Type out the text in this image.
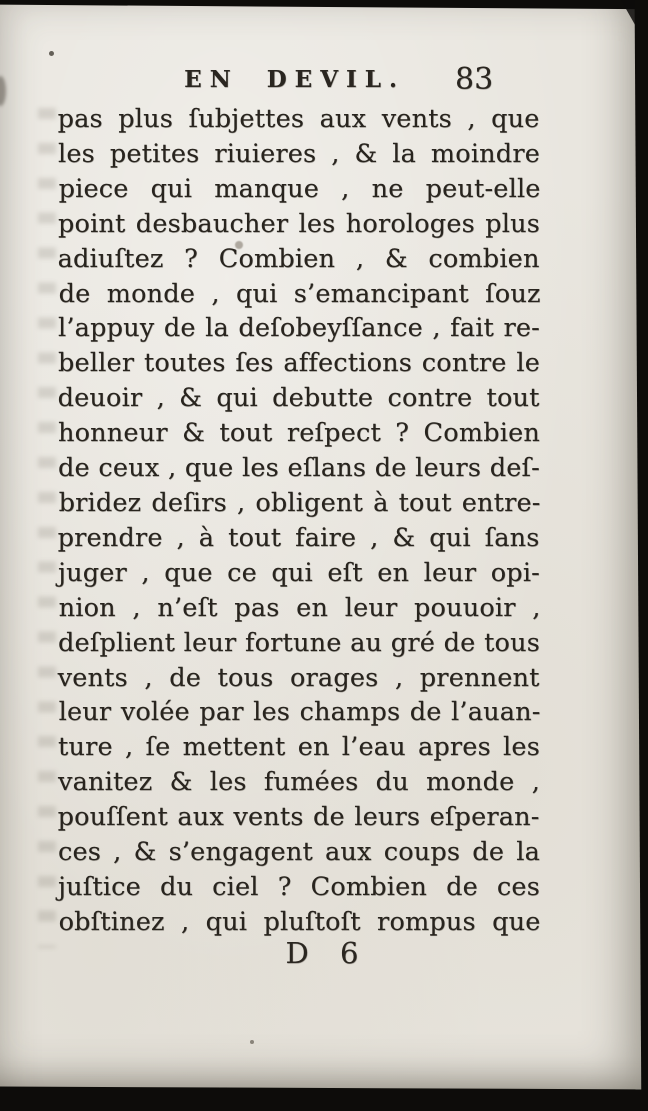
EN DEVIL. 83
pas plus ſubjettes aux vents , que
les petites riuieres , & la moindre
piece qui manque , ne peut-elle
point desbaucher les horologes plus
adiuſtez ? Combien , & combien
de monde , qui s’emancipant ſouz
l’appuy de la deſobeyſſance , fait re-
beller toutes ſes affections contre le
deuoir , & qui debutte contre tout
honneur & tout reſpect ? Combien
de ceux , que les eſlans de leurs deſ-
bridez deſirs , obligent à tout entre-
prendre , à tout faire , & qui ſans
juger , que ce qui eſt en leur opi-
nion , n’eſt pas en leur pouuoir ,
deſplient leur fortune au gré de tous
vents , de tous orages , prennent
leur volée par les champs de l’auan-
ture , ſe mettent en l’eau apres les
vanitez & les fumées du monde ,
pouſſent aux vents de leurs eſperan-
ces , & s’engagent aux coups de la
juſtice du ciel ? Combien de ces
obſtinez , qui pluſtoſt rompus que
D 6
